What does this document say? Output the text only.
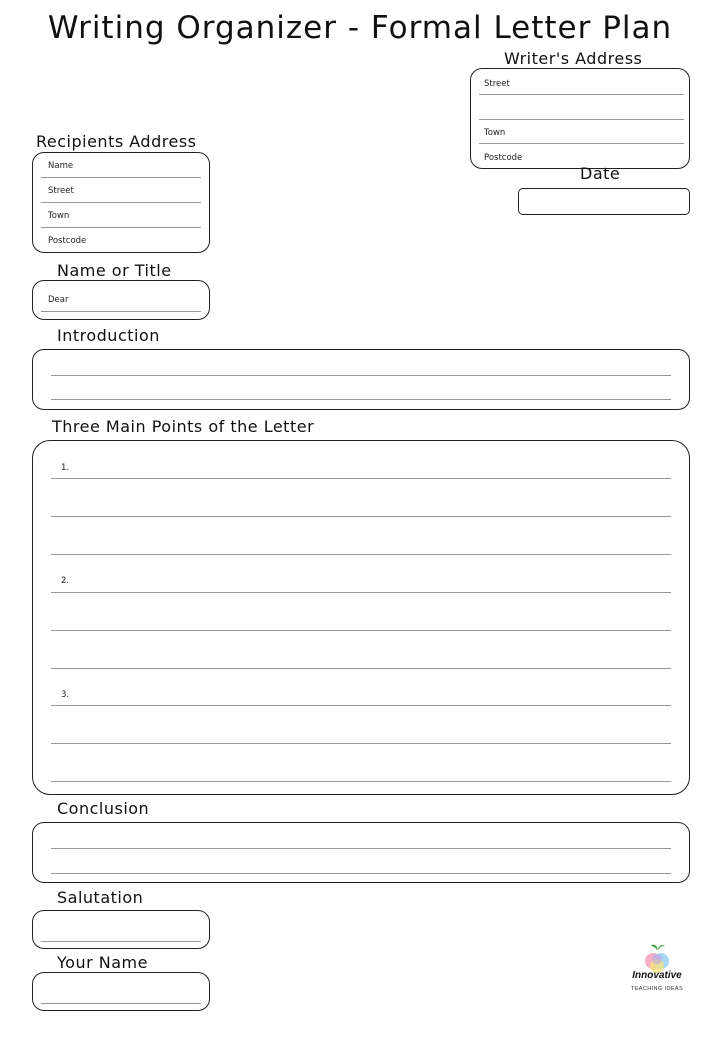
Writing Organizer - Formal Letter Plan
Writer's Address
Street
Town
Postcode
Date
Recipients Address
Name
Street
Town
Postcode
Name or Title
Dear
Introduction
Three Main Points of the Letter
1.
2.
3.
Conclusion
Salutation
Your Name
Innovative
TEACHING IDEAS
